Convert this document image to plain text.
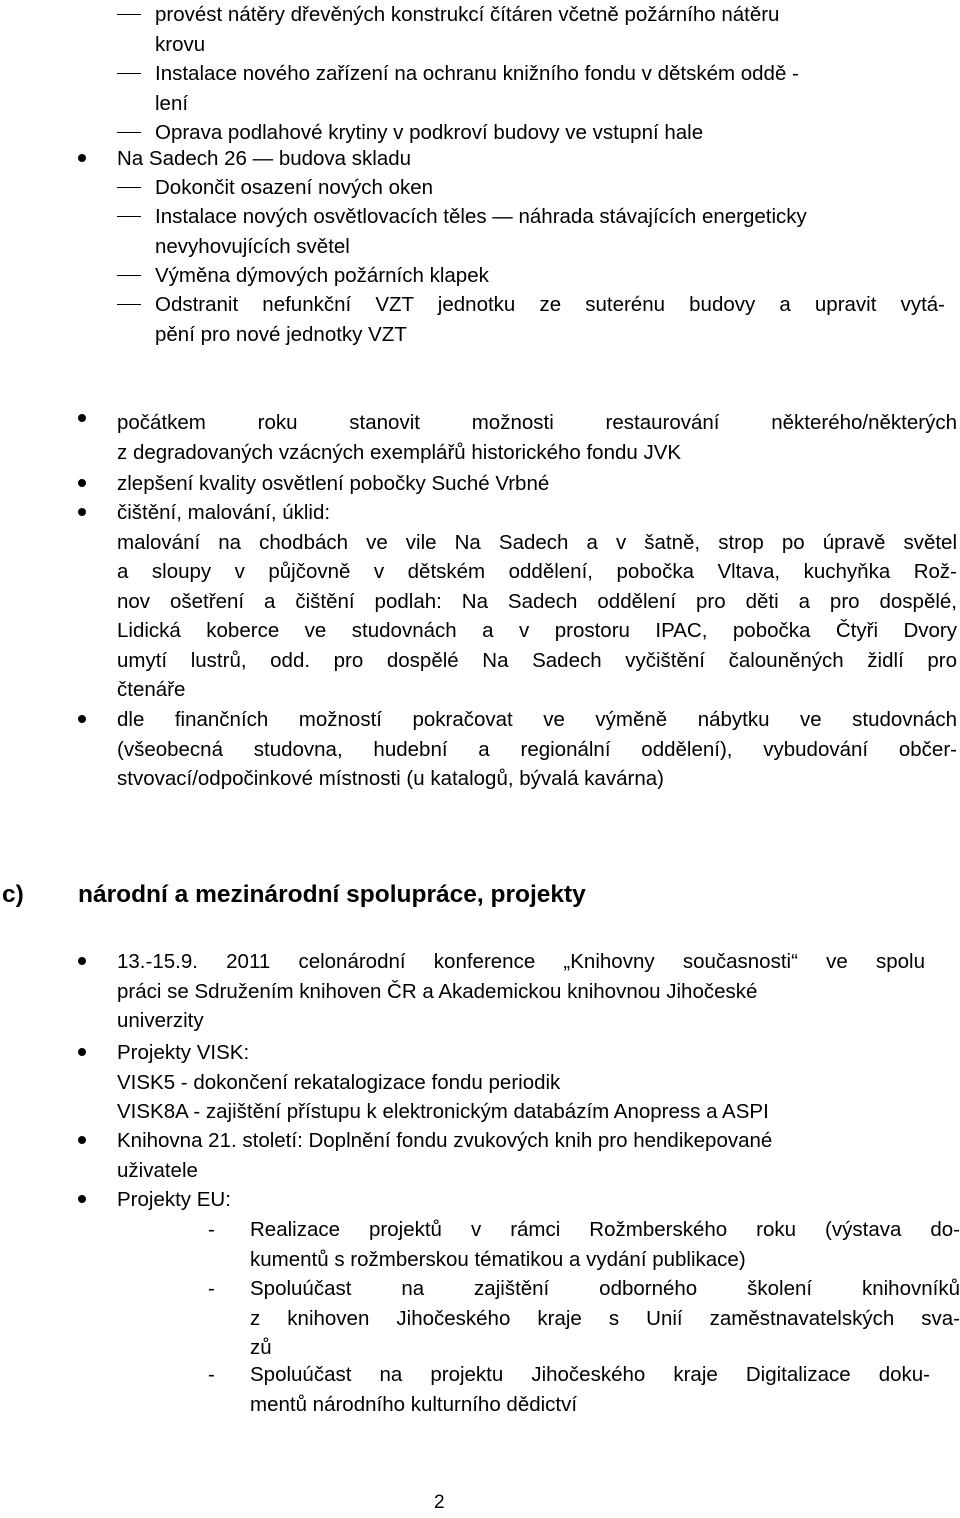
provést nátěry dřevěných konstrukcí čítáren včetně požárního nátěru
krovu
Instalace nového zařízení na ochranu knižního fondu v dětském oddě -
lení
Oprava podlahové krytiny v podkroví budovy ve vstupní hale
Na Sadech 26 — budova skladu
Dokončit osazení nových oken
Instalace nových osvětlovacích těles — náhrada stávajících energeticky
nevyhovujících světel
Výměna dýmových požárních klapek
Odstranit nefunkční VZT jednotku ze suterénu budovy a upravit vytá-
pění pro nové jednotky VZT
počátkem roku stanovit možnosti restaurování některého/některých
z degradovaných vzácných exemplářů historického fondu JVK
zlepšení kvality osvětlení pobočky Suché Vrbné
čištění, malování, úklid:
malování na chodbách ve vile Na Sadech a v šatně, strop po úpravě světel
a sloupy v půjčovně v dětském oddělení, pobočka Vltava, kuchyňka Rož-
nov ošetření a čištění podlah: Na Sadech oddělení pro děti a pro dospělé,
Lidická koberce ve studovnách a v prostoru IPAC, pobočka Čtyři Dvory
umytí lustrů, odd. pro dospělé Na Sadech vyčištění čalouněných židlí pro
čtenáře
dle finančních možností pokračovat ve výměně nábytku ve studovnách
(všeobecná studovna, hudební a regionální oddělení), vybudování občer-
stvovací/odpočinkové místnosti (u katalogů, bývalá kavárna)
c) národní a mezinárodní spolupráce, projekty
13.-15.9. 2011 celonárodní konference „Knihovny současnosti“ ve spolu
práci se Sdružením knihoven ČR a Akademickou knihovnou Jihočeské
univerzity
Projekty VISK:
VISK5 - dokončení rekatalogizace fondu periodik
VISK8A - zajištění přístupu k elektronickým databázím Anopress a ASPI
Knihovna 21. století: Doplnění fondu zvukových knih pro hendikepované
uživatele
Projekty EU:
- Realizace projektů v rámci Rožmberského roku (výstava do-
kumentů s rožmberskou tématikou a vydání publikace)
- Spoluúčast na zajištění odborného školení knihovníků
z knihoven Jihočeského kraje s Unií zaměstnavatelských sva-
zů
- Spoluúčast na projektu Jihočeského kraje Digitalizace doku-
mentů národního kulturního dědictví
2
